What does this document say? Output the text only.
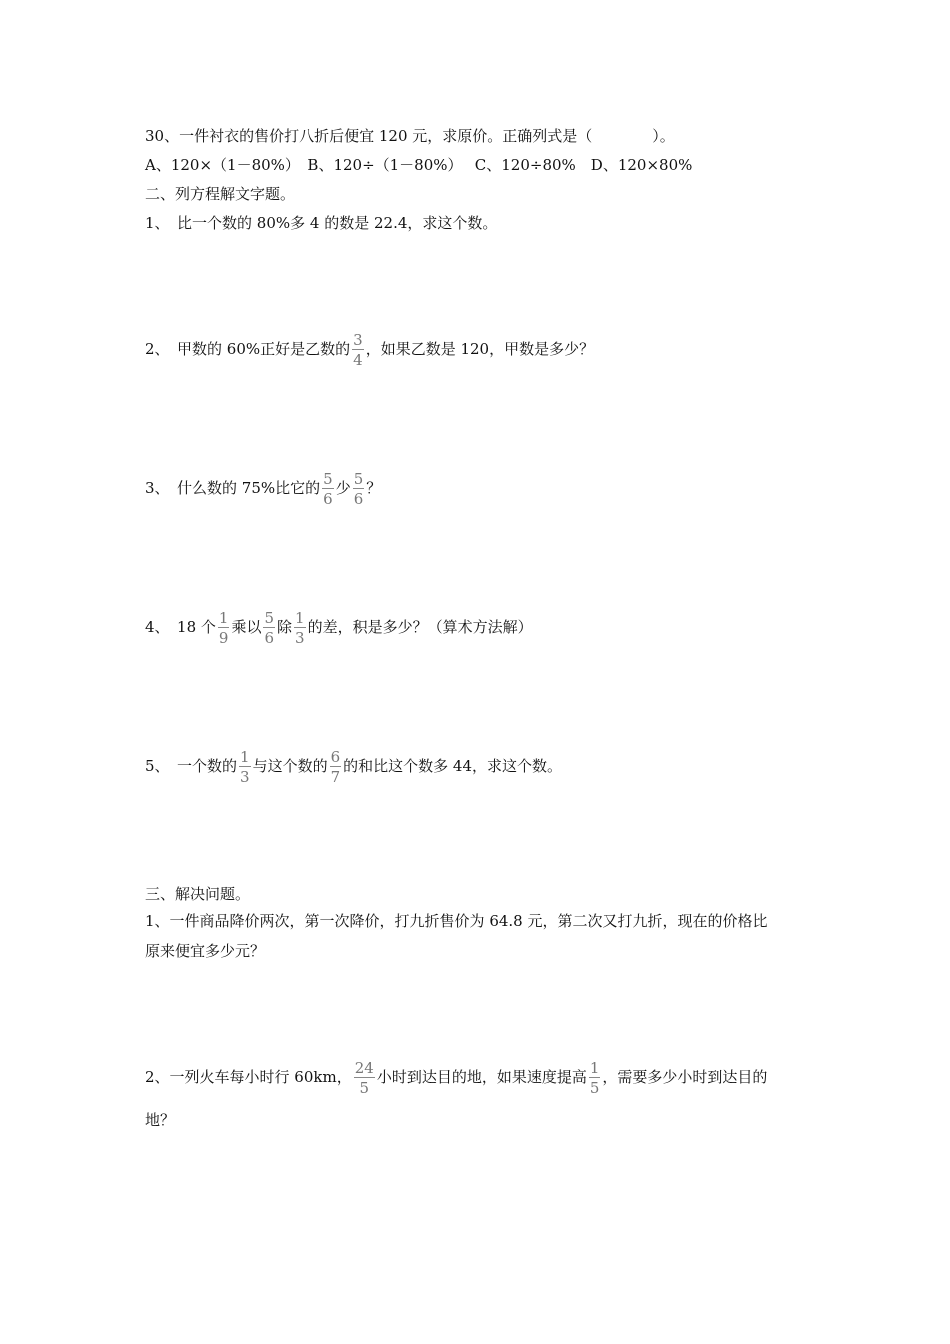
30、一件衬衣的售价打八折后便宜 120 元，求原价。正确列式是（	）。
A、120×（1－80%）　B、120÷（1－80%）　 C、120÷80%　D、120×80%
二、列方程解文字题。
1、　比一个数的 80%多 4 的数是 22.4，求这个数。
2、　甲数的 60%正好是乙数的 $\frac{3}{4}$ ，如果乙数是 120，甲数是多少？
3、　什么数的 75%比它的 $\frac{5}{6}$ 少 $\frac{5}{6}$ ？
4、　18 个 $\frac{1}{9}$ 乘以 $\frac{5}{6}$ 除 $\frac{1}{3}$ 的差，积是多少？（算术方法解）
5、　一个数的 $\frac{1}{3}$ 与这个数的 $\frac{6}{7}$ 的和比这个数多 44，求这个数。
三、解决问题。
1、一件商品降价两次，第一次降价，打九折售价为 64.8 元，第二次又打九折，现在的价格比
原来便宜多少元？
2、一列火车每小时行 60km， $\frac{24}{5}$ 小时到达目的地，如果速度提高 $\frac{1}{5}$ ，需要多少小时到达目的
地？
